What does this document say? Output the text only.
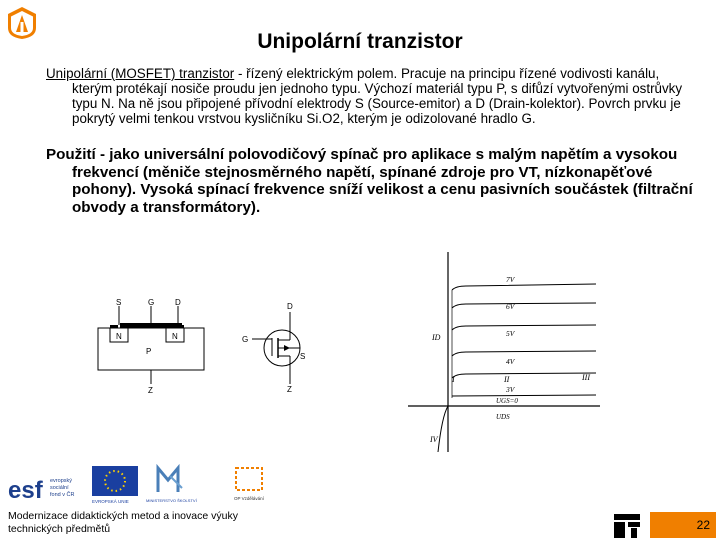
Unipolární tranzistor
Unipolární (MOSFET) tranzistor - řízený elektrickým polem. Pracuje na principu řízené vodivosti kanálu, kterým protékají nosiče proudu jen jednoho typu. Výchozí materiál typu P, s difůzí vytvořenými ostrůvky typu N. Na ně jsou připojené přívodní elektrody S (Source-emitor) a D (Drain-kolektor). Povrch prvku je pokrytý velmi tenkou vrstvou kysličníku Si.O2, kterým je odizolované hradlo G.
Použití - jako universální polovodičový spínač pro aplikace s malým napětím a vysokou frekvencí (měniče stejnosměrného napětí, spínané zdroje pro VT, nízkonapěťové pohony). Vysoká spínací frekvence sníží velikost a cenu pasivních součástek (filtrační obvody a transformátory).
S	G	D
N	N
P
Z
D
G
S
Z
7V
6V
5V
4V
3V
ID
I	II	III
IV
UGS=0
UDS
esf evropský
sociální
fond v ČR
EVROPSKÁ UNIE	MINISTERSTVO ŠKOLSTVÍ	OP Vzdělávání
Modernizace didaktických metod a inovace výuky technických předmětů	22
